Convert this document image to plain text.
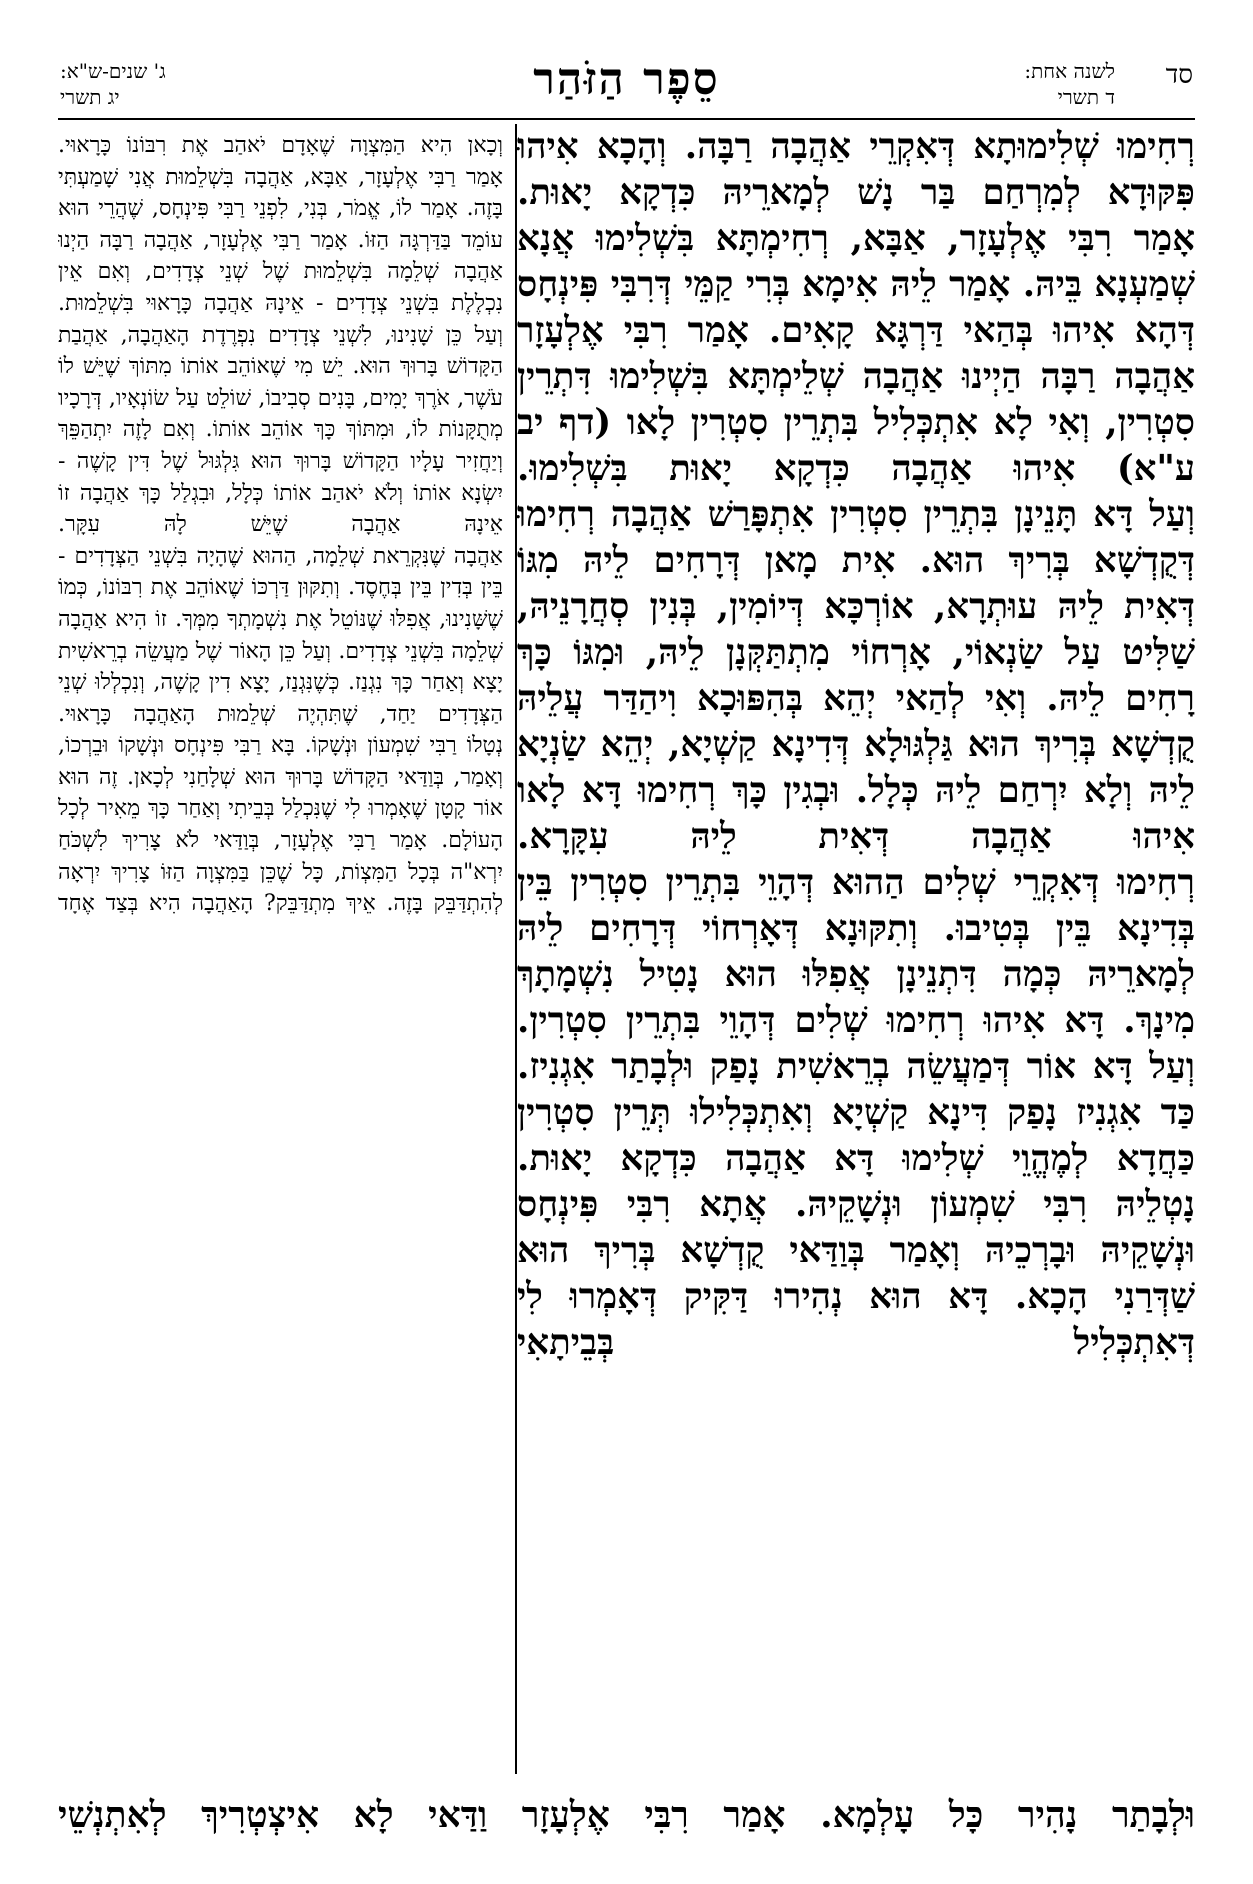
סד
לשנה אחת:
ד תשרי
סֵפֶר הַזֹּהַר
ג' שנים-ש"א:
יג תשרי

רְחִימוּ שְׁלִימוּתָא דְּאִקְרֵי אַהֲבָה רַבָּה. וְהָכָא אִיהוּ פִּקּוּדָא לְמִרְחַם בַּר נָשׁ לְמָארֵיהּ כִּדְקָא יָאוּת.

אָמַר רִבִּי אֶלְעָזָר, אַבָּא, רְחִימְתָּא בִּשְׁלִימוּ אֲנָא שְׁמַעְנָא בֵּיהּ. אָמַר לֵיהּ אִימָא בְּרִי קַמֵּי דְּרִבִּי פִּינְחָס דְּהָא אִיהוּ בְּהַאי דַּרְגָּא קָאִים. אָמַר רִבִּי אֶלְעָזָר אַהֲבָה רַבָּה הַיְינוּ אַהֲבָה שְׁלֵימְתָּא בִּשְׁלִימוּ דִּתְרֵין סִטְרִין, וְאִי לָא אִתְכְּלִיל בִּתְרֵין סִטְרִין לָאו (דף יב ע"א) אִיהוּ אַהֲבָה כִּדְקָא יָאוּת בִּשְׁלִימוּ.

וְעַל דָּא תָּנֵינָן בִּתְרֵין סִטְרִין אִתְפָּרַשׁ אַהֲבָה רְחִימוּ דְּקֻדְשָׁא בְּרִיךְ הוּא. אִית מָאן דְּרָחִים לֵיהּ מִגּוֹ דְּאִית לֵיהּ עוּתְרָא, אוֹרְכָּא דְּיוֹמִין, בְּנִין סְחֲרָנֵיהּ, שַׁלִּיט עַל שַׂנְאוֹי, אָרְחוֹי מִתְתַּקְּנָן לֵיהּ, וּמִגּוֹ כָּךְ רָחִים לֵיהּ. וְאִי לְהַאי יְהֵא בְּהִפּוּכָא וִיהַדַּר עֲלֵיהּ קֻדְשָׁא בְּרִיךְ הוּא גַּלְגּוּלָא דְּדִינָא קַשְׁיָא, יְהֵא שַׂנְיָא לֵיהּ וְלָא יִרְחַם לֵיהּ כְּלָל. וּבְגִין כָּךְ רְחִימוּ דָּא לָאו אִיהוּ אַהֲבָה דְּאִית לֵיהּ עִקָּרָא.

רְחִימוּ דְּאִקְרֵי שְׁלִים הַהוּא דְּהָוֵי בִּתְרֵין סִטְרִין בֵּין בְּדִינָא בֵּין בְּטִיבוּ. וְתִקּוּנָא דְּאָרְחוֹי דְּרָחִים לֵיהּ לְמָארֵיהּ כְּמָה דִּתְנֵינָן אֲפִלּוּ הוּא נָטִיל נִשְׁמָתָךְ מִינָךְ. דָּא אִיהוּ רְחִימוּ שְׁלִים דְּהָוֵי בִּתְרֵין סִטְרִין. וְעַל דָּא אוֹר דְּמַעֲשֵׂה בְרֵאשִׁית נָפַק וּלְבָתַר אִגְנִיז. כַּד אִגְנִיז נָפַק דִּינָא קַשְׁיָא וְאִתְכְּלִילוּ תְּרֵין סִטְרִין כַּחֲדָא לְמֶהֱוֵי שְׁלִימוּ דָּא אַהֲבָה כִּדְקָא יָאוּת.

נָטְלֵיהּ רִבִּי שִׁמְעוֹן וּנְשָׁקֵיהּ. אֲתָא רִבִּי פִּינְחָס וּנְשָׁקֵיהּ וּבָרְכֵיהּ וְאָמַר בְּוַדַּאי קֻדְשָׁא בְּרִיךְ הוּא שַׁדְּרַנִי הָכָא. דָּא הוּא נְהִירוּ דַּקִּיק דְּאָמְרוּ לִי דְּאִתְכְּלִיל בְּבֵיתָאִי

וְכָאן הִיא הַמִּצְוָה שֶׁאָדָם יֹאהַב אֶת רִבּוֹנוֹ כָּרָאוּי.

אָמַר רַבִּי אֶלְעָזָר, אַבָּא, אַהֲבָה בִּשְׁלֵמוּת אֲנִי שָׁמַעְתִּי בָּזֶה. אָמַר לוֹ, אֱמֹר, בְּנִי, לִפְנֵי רַבִּי פִּינְחָס, שֶׁהֲרֵי הוּא עוֹמֵד בַּדַּרְגָּה הַזּוֹ. אָמַר רַבִּי אֶלְעָזָר, אַהֲבָה רַבָּה הַיְנוּ אַהֲבָה שְׁלֵמָה בִּשְׁלֵמוּת שֶׁל שְׁנֵי צְדָדִים, וְאִם אֵין נִכְלֶלֶת בִּשְׁנֵי צְדָדִים - אֵינָהּ אַהֲבָה כָּרָאוּי בִּשְׁלֵמוּת.

וְעַל כֵּן שָׁנִינוּ, לִשְׁנֵי צְדָדִים נִפְרֶדֶת הָאַהֲבָה, אַהֲבַת הַקָּדוֹשׁ בָּרוּךְ הוּא. יֵשׁ מִי שֶׁאוֹהֵב אוֹתוֹ מִתּוֹךְ שֶׁיֵּשׁ לוֹ עֹשֶׁר, אֹרֶךְ יָמִים, בָּנִים סְבִיבוֹ, שׁוֹלֵט עַל שׂוֹנְאָיו, דְּרָכָיו מְתֻקָּנוֹת לוֹ, וּמִתּוֹךְ כָּךְ אוֹהֵב אוֹתוֹ. וְאִם לָזֶה יִתְהַפֵּךְ וְיַחֲזִיר עָלָיו הַקָּדוֹשׁ בָּרוּךְ הוּא גִּלְגּוּל שֶׁל דִּין קָשֶׁה - יִשְׂנָא אוֹתוֹ וְלֹא יֹאהַב אוֹתוֹ כְּלָל, וּבִגְלַל כָּךְ אַהֲבָה זוֹ אֵינָהּ אַהֲבָה שֶׁיֵּשׁ לָהּ עִקָּר.

אַהֲבָה שֶׁנִּקְרֵאת שְׁלֵמָה, הַהוּא שֶׁהָיָה בִּשְׁנֵי הַצְּדָדִים - בֵּין בְּדִין בֵּין בְּחֶסֶד. וְתִקּוּן דַּרְכּוֹ שֶׁאוֹהֵב אֶת רִבּוֹנוֹ, כְּמוֹ שֶׁשָּׁנִינוּ, אֲפִלּוּ שֶׁנּוֹטֵל אֶת נִשְׁמָתְךָ מִמְּךָ. זוֹ הִיא אַהֲבָה שְׁלֵמָה בִּשְׁנֵי צְדָדִים. וְעַל כֵּן הָאוֹר שֶׁל מַעֲשֵׂה בְרֵאשִׁית יָצָא וְאַחַר כָּךְ נִגְנַז. כְּשֶׁנִּגְנַז, יָצָא דִין קָשֶׁה, וְנִכְלְלוּ שְׁנֵי הַצְּדָדִים יַחַד, שֶׁתִּהְיֶה שְׁלֵמוּת הָאַהֲבָה כָּרָאוּי.

נְטָלוֹ רַבִּי שִׁמְעוֹן וּנְשָׁקוֹ. בָּא רַבִּי פִּינְחָס וּנְשָׁקוֹ וּבֵרְכוֹ, וְאָמַר, בְּוַדַּאי הַקָּדוֹשׁ בָּרוּךְ הוּא שְׁלָחַנִי לְכָאן. זֶה הוּא אוֹר קָטָן שֶׁאָמְרוּ לִי שֶׁנִּכְלַל בְּבֵיתִי וְאַחַר כָּךְ מֵאִיר לְכָל הָעוֹלָם. אָמַר רַבִּי אֶלְעָזָר, בְּוַדַּאי לֹא צָרִיךְ לִשְׁכֹּחַ יִרְא"ה בְּכָל הַמִּצְוֹת, כָּל שֶׁכֵּן בַּמִּצְוָה הַזּוֹ צָרִיךְ יִרְאָה לְהִתְדַּבֵּק בָּזֶה. אֵיךְ מִתְדַּבֵּק? הָאַהֲבָה הִיא בְּצַד אֶחָד

וּלְבָתַר נָהִיר כָּל עָלְמָא. אָמַר רִבִּי אֶלְעָזָר וַדַּאי לָא אִיצְטְרִיךְ לְאִתְנְשֵׁי
